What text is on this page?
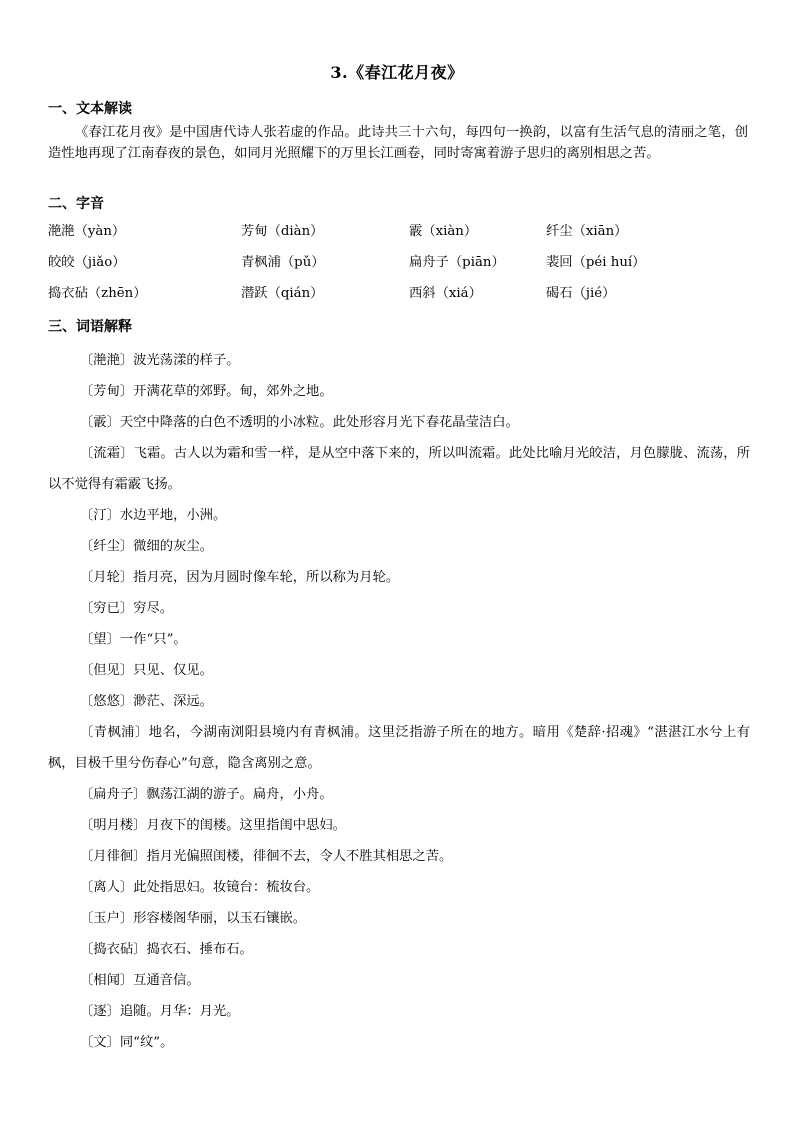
3.《春江花月夜》
一、文本解读
《春江花月夜》是中国唐代诗人张若虚的作品。此诗共三十六句，每四句一换韵，以富有生活气息的清丽之笔，创造性地再现了江南春夜的景色，如同月光照耀下的万里长江画卷，同时寄寓着游子思归的离别相思之苦。
二、字音
滟滟（yàn）	芳甸（diàn）	霰（xiàn）	纤尘（xiān）
皎皎（jiǎo）	青枫浦（pǔ）	扁舟子（piān）	裴回（péi huí）
捣衣砧（zhēn）	潜跃（qián）	西斜（xiá）	碣石（jié）
三、词语解释
〔滟滟〕波光荡漾的样子。
〔芳甸〕开满花草的郊野。甸，郊外之地。
〔霰〕天空中降落的白色不透明的小冰粒。此处形容月光下春花晶莹洁白。
〔流霜〕飞霜。古人以为霜和雪一样，是从空中落下来的，所以叫流霜。此处比喻月光皎洁，月色朦胧、流荡，所以不觉得有霜霰飞扬。
〔汀〕水边平地，小洲。
〔纤尘〕微细的灰尘。
〔月轮〕指月亮，因为月圆时像车轮，所以称为月轮。
〔穷已〕穷尽。
〔望〕一作“只”。
〔但见〕只见、仅见。
〔悠悠〕渺茫、深远。
〔青枫浦〕地名，今湖南浏阳县境内有青枫浦。这里泛指游子所在的地方。暗用《楚辞·招魂》“湛湛江水兮上有枫，目极千里兮伤春心”句意，隐含离别之意。
〔扁舟子〕飘荡江湖的游子。扁舟，小舟。
〔明月楼〕月夜下的闺楼。这里指闺中思妇。
〔月徘徊〕指月光偏照闺楼，徘徊不去，令人不胜其相思之苦。
〔离人〕此处指思妇。妆镜台：梳妆台。
〔玉户〕形容楼阁华丽，以玉石镶嵌。
〔捣衣砧〕捣衣石、捶布石。
〔相闻〕互通音信。
〔逐〕追随。月华：月光。
〔文〕同“纹”。
